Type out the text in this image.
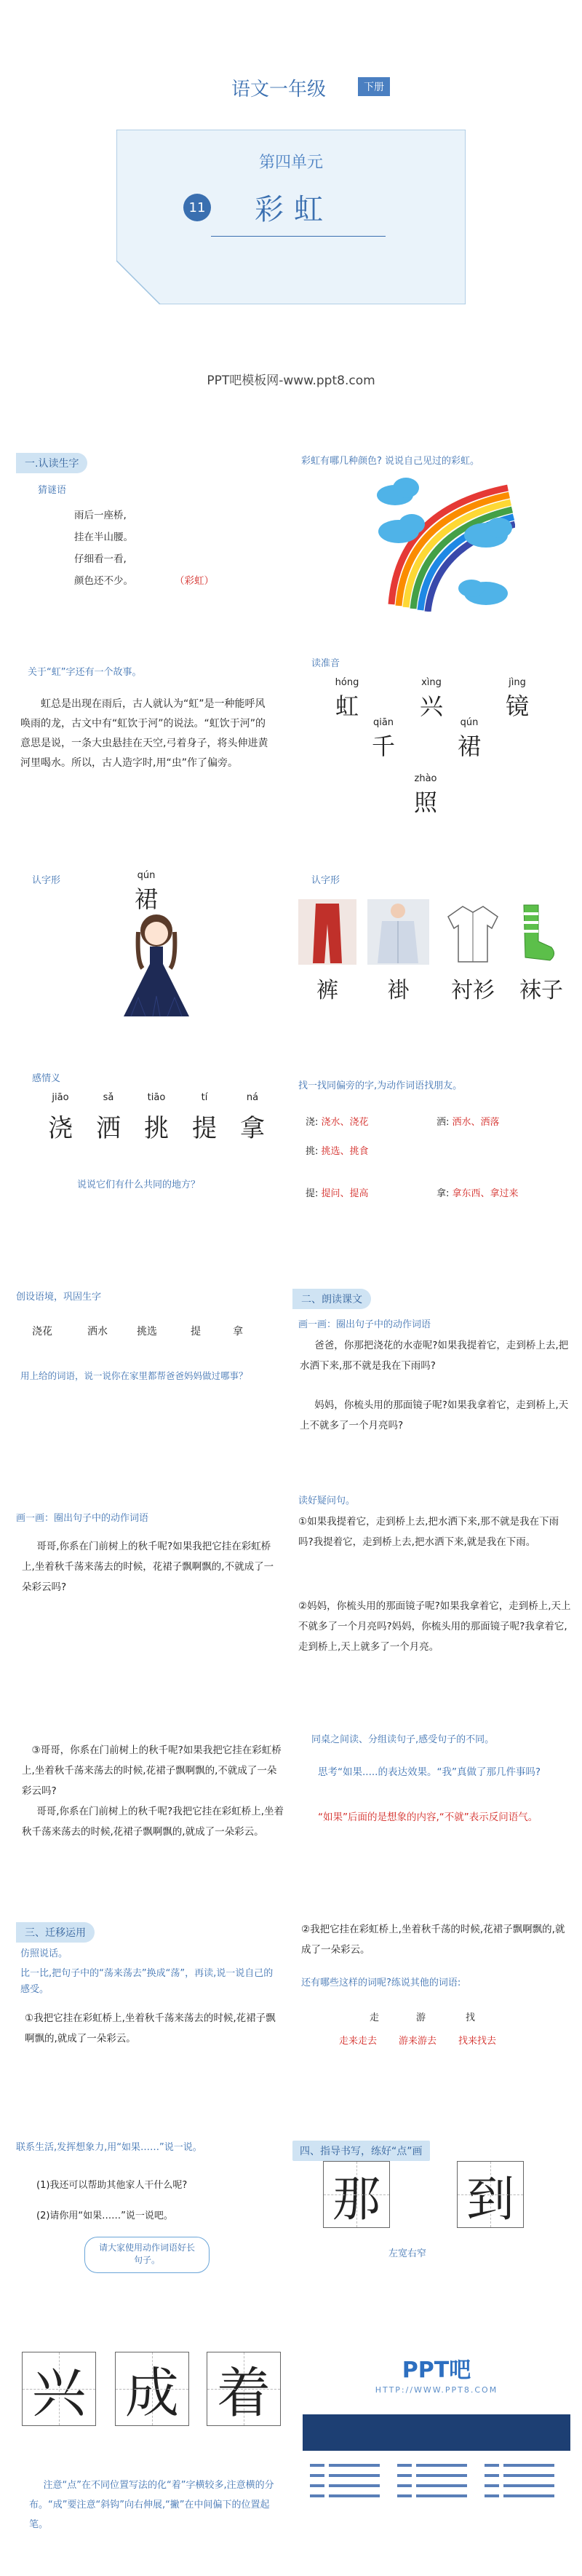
语文一年级	下册
第四单元
11 彩虹
PPT吧模板网-www.ppt8.com
一.认读生字
猜谜语
雨后一座桥,
挂在半山腰。
仔细看一看,
颜色还不少。	（彩虹）
彩虹有哪几种颜色? 说说自己见过的彩虹。
关于“虹”字还有一个故事。
虹总是出现在雨后，古人就认为“虹”是一种能呼风唤雨的龙，古文中有“虹饮于河”的说法。“虹饮于河”的意思是说，一条大虫悬挂在天空,弓着身子，将头伸进黄河里喝水。所以，古人造字时,用“虫”作了偏旁。
读准音
hóng
虹
xìng
兴
jìng
镜
qiān
千
qún
裙
zhào
照
认字形	qún
裙
认字形
裤	褂	衬衫	袜子
感情义
jiāo	sǎ	tiāo	tí	ná
浇 洒 挑 提 拿
说说它们有什么共同的地方？
找一找同偏旁的字,为动作词语找朋友。
浇: 浇水、浇花	洒: 洒水、洒落
挑: 挑选、挑食
提: 提问、提高	拿: 拿东西、拿过来
创设语境，巩固生字
浇花	洒水	挑选	提	拿
用上给的词语，说一说你在家里都帮爸爸妈妈做过哪事？
二、朗读课文
画一画：圈出句子中的动作词语
爸爸，你那把浇花的水壶呢?如果我提着它，走到桥上去,把水洒下来,那不就是我在下雨吗?
妈妈，你梳头用的那面镜子呢?如果我拿着它，走到桥上,天上不就多了一个月亮吗?
画一画：圈出句子中的动作词语
哥哥,你系在门前树上的秋千呢?如果我把它挂在彩虹桥上,坐着秋千荡来荡去的时候，花裙子飘啊飘的,不就成了一朵彩云吗?
读好疑问句。
①如果我提着它，走到桥上去,把水洒下来,那不就是我在下雨吗?我提着它，走到桥上去,把水洒下来,就是我在下雨。
②妈妈，你梳头用的那面镜子呢?如果我拿着它，走到桥上,天上不就多了一个月亮吗?妈妈，你梳头用的那面镜子呢?我拿着它,走到桥上,天上就多了一个月亮。
③哥哥，你系在门前树上的秋千呢?如果我把它挂在彩虹桥上,坐着秋千荡来荡去的时候,花裙子飘啊飘的,不就成了一朵彩云吗?
哥哥,你系在门前树上的秋千呢?我把它挂在彩虹桥上,坐着秋千荡来荡去的时候,花裙子飘啊飘的,就成了一朵彩云。
同桌之间读、分组读句子,感受句子的不同。
思考“如果.....的表达效果。“我”真做了那几件事吗?
“如果”后面的是想象的内容,“不就”表示反问语气。
三、迁移运用
仿照说话。
比一比,把句子中的“荡来荡去”换成“荡”，再读,说一说自己的感受。
①我把它挂在彩虹桥上,坐着秋千荡来荡去的时候,花裙子飘啊飘的,就成了一朵彩云。
②我把它挂在彩虹桥上,坐着秋千荡的时候,花裙子飘啊飘的,就成了一朵彩云。
还有哪些这样的词呢?练说其他的词语:
走	游	找
走来走去 游来游去 找来找去
联系生活,发挥想象力,用“如果……”说一说。
(1)我还可以帮助其他家人干什么呢?
(2)请你用“如果……”说一说吧。
请大家使用动作词语好长句子。
四、指导书写，练好“点”画
那 到
左宽右窄
兴 成 着
注意“点”在不同位置写法的化“着”字横较多,注意横的分布。“成”要注意“斜钩”向右伸展,“撇”在中间偏下的位置起笔。
PPT吧
HTTP://WWW.PPT8.COM
